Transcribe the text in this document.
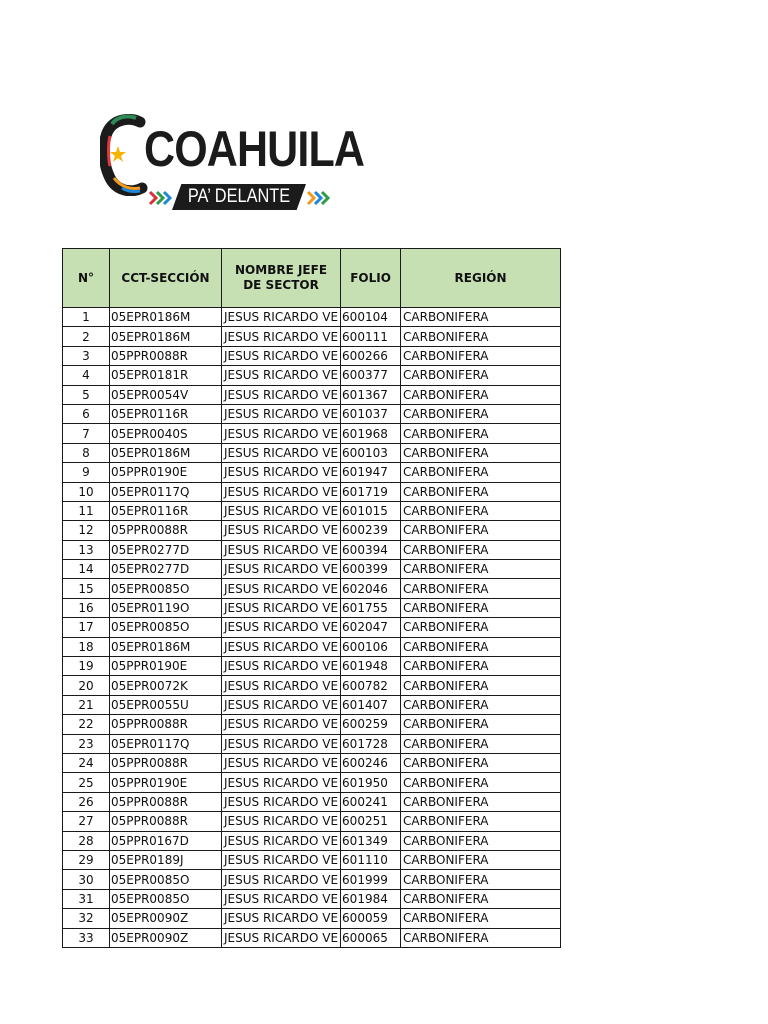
COAHUILA
PA’ DELANTE
N°	CCT-SECCIÓN	NOMBRE JEFE DE SECTOR	FOLIO	REGIÓN
1	05EPR0186M	JESUS RICARDO VE	600104	CARBONIFERA
2	05EPR0186M	JESUS RICARDO VE	600111	CARBONIFERA
3	05PPR0088R	JESUS RICARDO VE	600266	CARBONIFERA
4	05EPR0181R	JESUS RICARDO VE	600377	CARBONIFERA
5	05EPR0054V	JESUS RICARDO VE	601367	CARBONIFERA
6	05EPR0116R	JESUS RICARDO VE	601037	CARBONIFERA
7	05EPR0040S	JESUS RICARDO VE	601968	CARBONIFERA
8	05EPR0186M	JESUS RICARDO VE	600103	CARBONIFERA
9	05PPR0190E	JESUS RICARDO VE	601947	CARBONIFERA
10	05EPR0117Q	JESUS RICARDO VE	601719	CARBONIFERA
11	05EPR0116R	JESUS RICARDO VE	601015	CARBONIFERA
12	05PPR0088R	JESUS RICARDO VE	600239	CARBONIFERA
13	05EPR0277D	JESUS RICARDO VE	600394	CARBONIFERA
14	05EPR0277D	JESUS RICARDO VE	600399	CARBONIFERA
15	05EPR0085O	JESUS RICARDO VE	602046	CARBONIFERA
16	05EPR0119O	JESUS RICARDO VE	601755	CARBONIFERA
17	05EPR0085O	JESUS RICARDO VE	602047	CARBONIFERA
18	05EPR0186M	JESUS RICARDO VE	600106	CARBONIFERA
19	05PPR0190E	JESUS RICARDO VE	601948	CARBONIFERA
20	05EPR0072K	JESUS RICARDO VE	600782	CARBONIFERA
21	05EPR0055U	JESUS RICARDO VE	601407	CARBONIFERA
22	05PPR0088R	JESUS RICARDO VE	600259	CARBONIFERA
23	05EPR0117Q	JESUS RICARDO VE	601728	CARBONIFERA
24	05PPR0088R	JESUS RICARDO VE	600246	CARBONIFERA
25	05PPR0190E	JESUS RICARDO VE	601950	CARBONIFERA
26	05PPR0088R	JESUS RICARDO VE	600241	CARBONIFERA
27	05PPR0088R	JESUS RICARDO VE	600251	CARBONIFERA
28	05PPR0167D	JESUS RICARDO VE	601349	CARBONIFERA
29	05EPR0189J	JESUS RICARDO VE	601110	CARBONIFERA
30	05EPR0085O	JESUS RICARDO VE	601999	CARBONIFERA
31	05EPR0085O	JESUS RICARDO VE	601984	CARBONIFERA
32	05EPR0090Z	JESUS RICARDO VE	600059	CARBONIFERA
33	05EPR0090Z	JESUS RICARDO VE	600065	CARBONIFERA
